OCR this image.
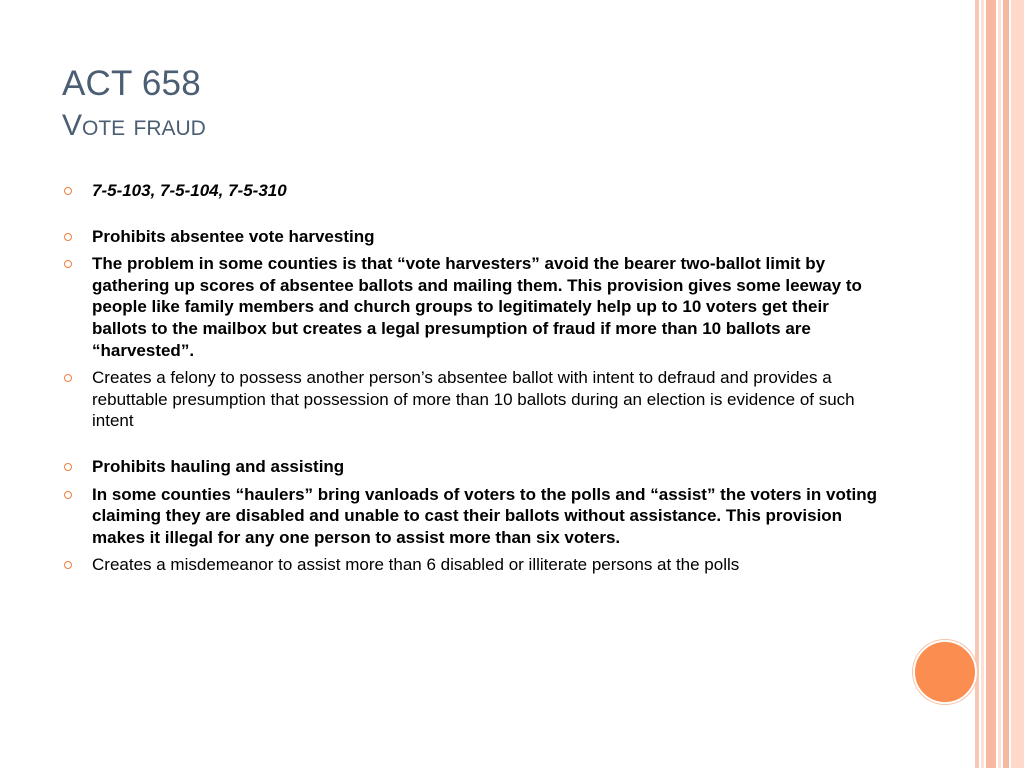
ACT 658
Vote fraud
7-5-103, 7-5-104, 7-5-310
Prohibits absentee vote harvesting
The problem in some counties is that “vote harvesters” avoid the bearer two-ballot limit by gathering up scores of absentee ballots and mailing them. This provision gives some leeway to people like family members and church groups to legitimately help up to 10 voters get their ballots to the mailbox but creates a legal presumption of fraud if more than 10 ballots are “harvested”.
Creates a felony to possess another person’s absentee ballot with intent to defraud and provides a rebuttable presumption that possession of more than 10 ballots during an election is evidence of such intent
Prohibits hauling and assisting
In some counties “haulers” bring vanloads of voters to the polls and “assist” the voters in voting claiming they are disabled and unable to cast their ballots without assistance. This provision makes it illegal for any one person to assist more than six voters.
Creates a misdemeanor to assist more than 6 disabled or illiterate persons at the polls
